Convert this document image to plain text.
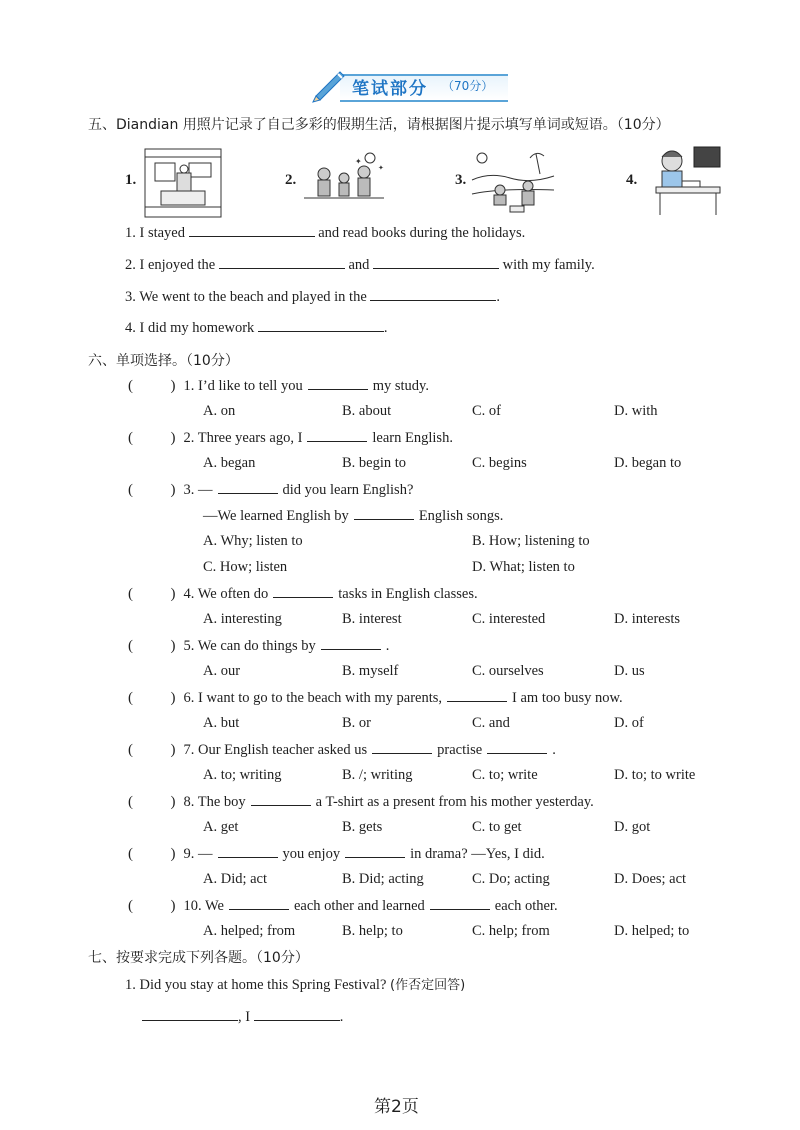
笔试部分 （70分）
五、Diandian 用照片记录了自己多彩的假期生活，请根据图片提示填写单词或短语。（10分）
1.	2.
✦
✦
3.	4.
1. I stayed	and read books during the holidays.
2. I enjoyed the	and	with my family.
3. We went to the beach and played in the	.
4. I did my homework	.
六、单项选择。（10分）
(          ) 1. I’d like to tell you	my study.
A. on	B. about	C. of	D. with
(          ) 2. Three years ago, I	learn English.
A. began	B. begin to	C. begins	D. began to
(          ) 3. —	did you learn English?
—We learned English by	English songs.
A. Why; listen to	B. How; listening to
C. How; listen	D. What; listen to
(          ) 4. We often do	tasks in English classes.
A. interesting	B. interest	C. interested	D. interests
(          ) 5. We can do things by	.
A. our	B. myself	C. ourselves	D. us
(          ) 6. I want to go to the beach with my parents,	I am too busy now.
A. but	B. or	C. and	D. of
(          ) 7. Our English teacher asked us	practise	.
A. to; writing	B. /; writing	C. to; write	D. to; to write
(          ) 8. The boy	a T-shirt as a present from his mother yesterday.
A. get	B. gets	C. to get	D. got
(          ) 9. —	you enjoy	in drama? —Yes, I did.
A. Did; act	B. Did; acting	C. Do; acting	D. Does; act
(          ) 10. We	each other and learned	each other.
A. helped; from	B. help; to	C. help; from	D. helped; to
七、按要求完成下列各题。（10分）
1. Did you stay at home this Spring Festival? (作否定回答)
, I	.
第2页
